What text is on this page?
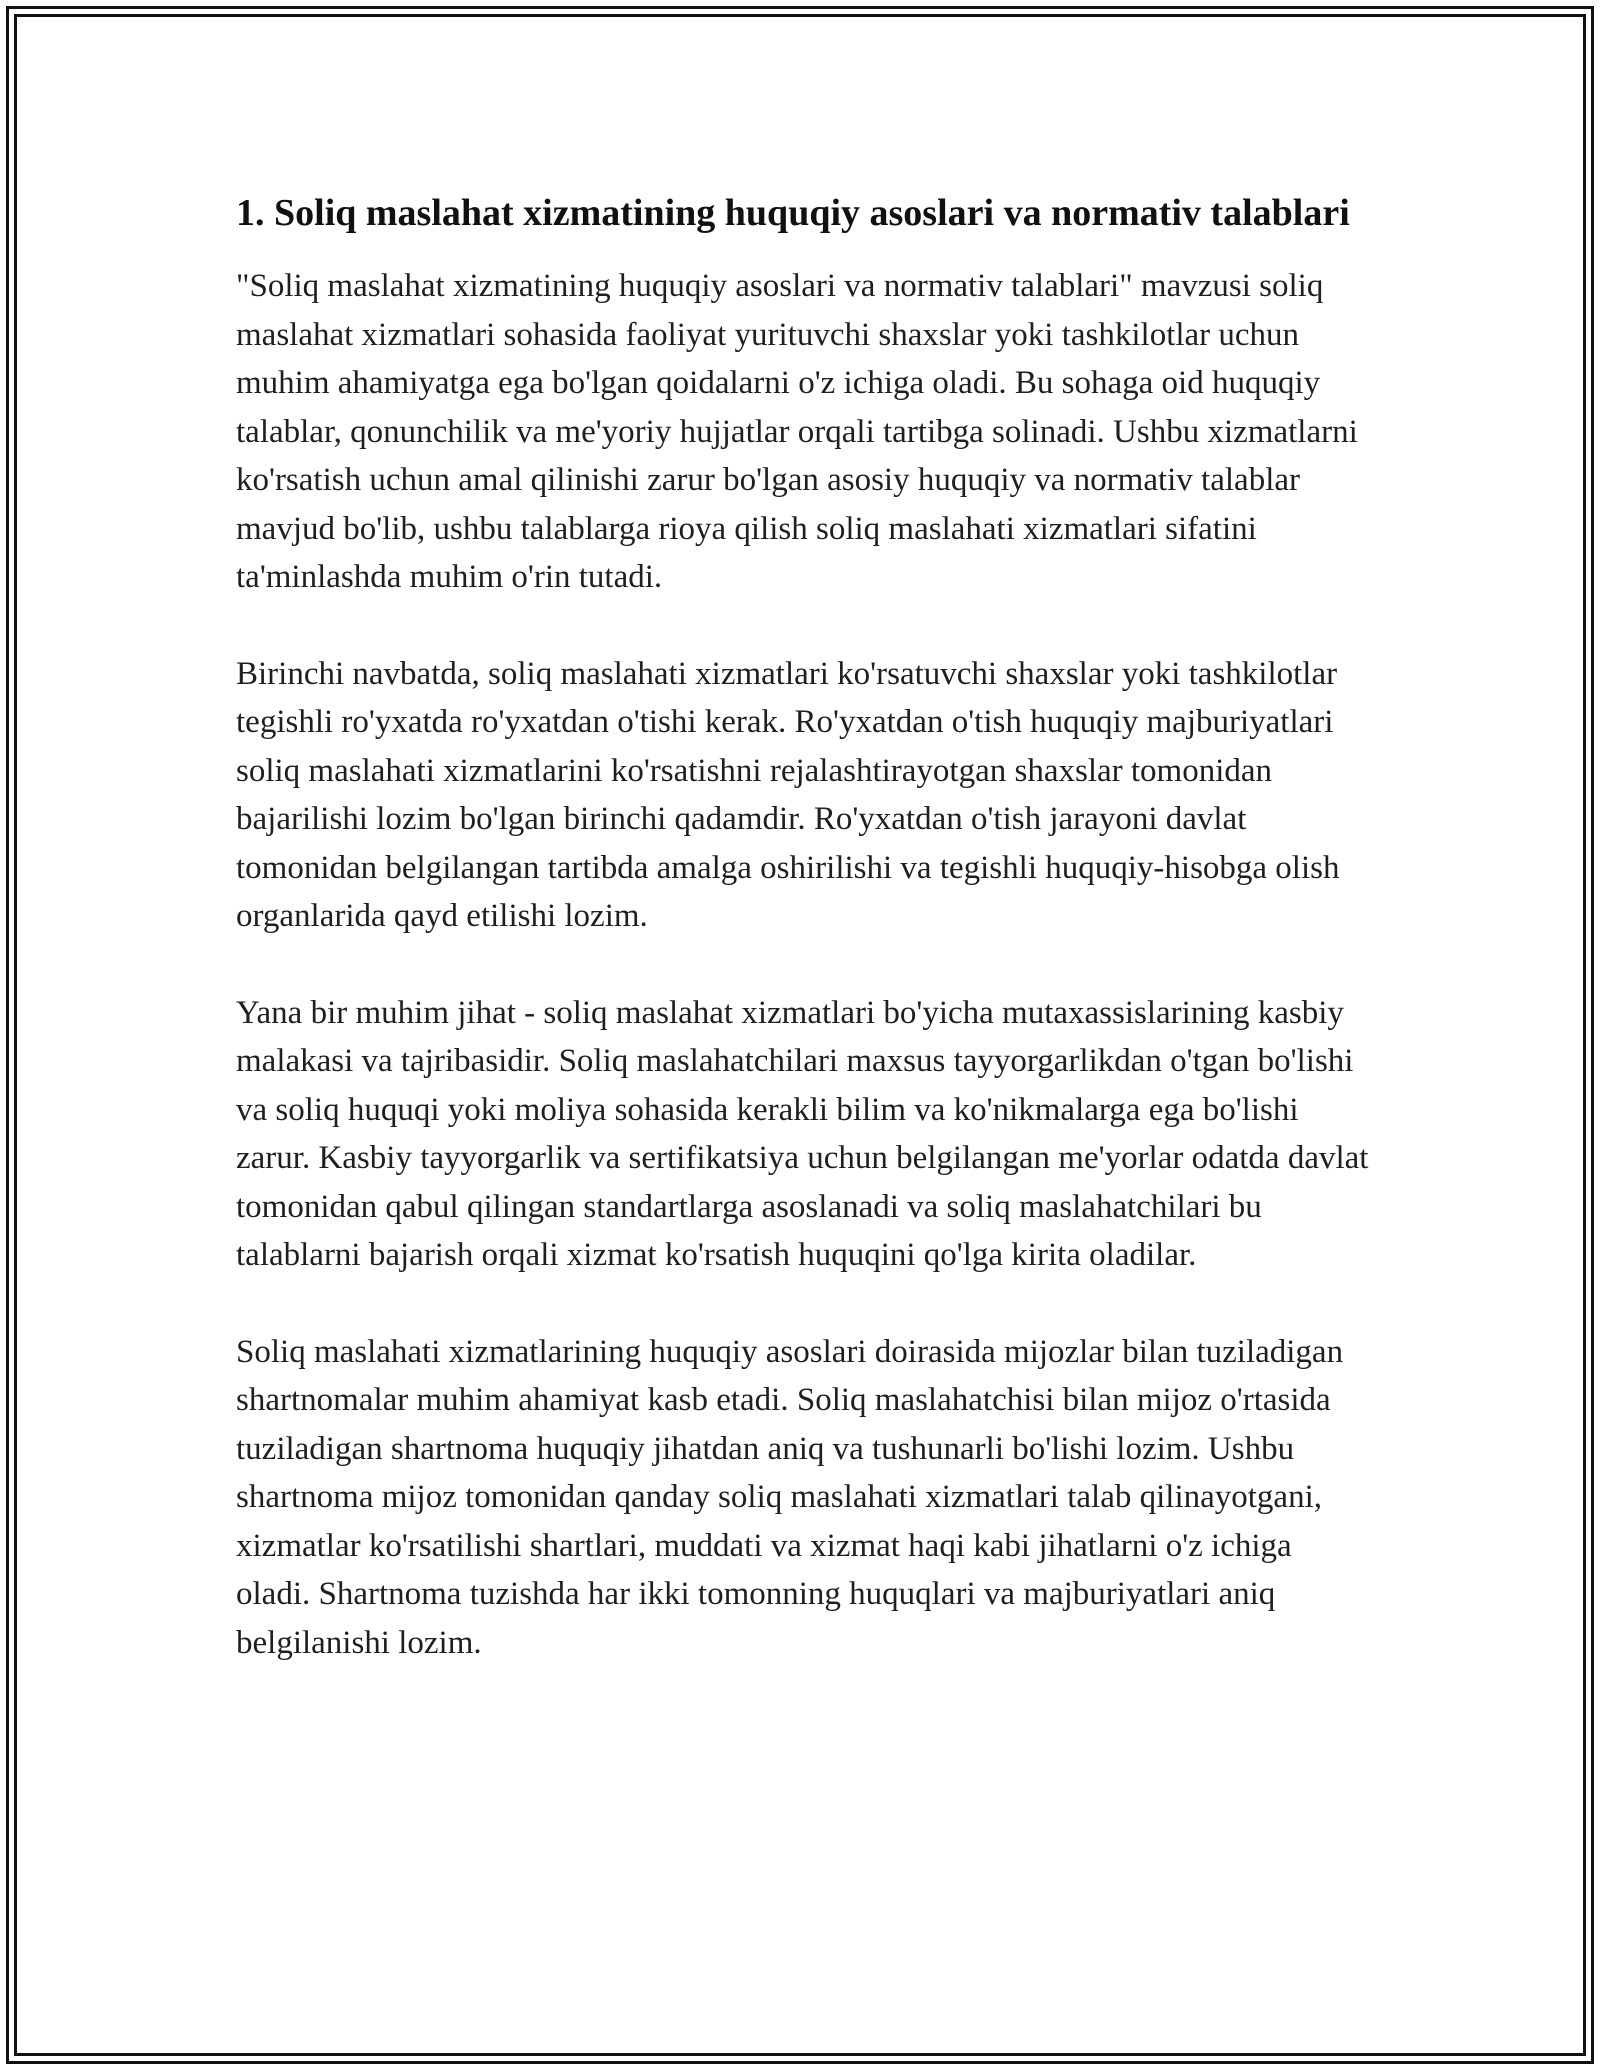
1. Soliq maslahat xizmatining huquqiy asoslari va normativ talablari

"Soliq maslahat xizmatining huquqiy asoslari va normativ talablari" mavzusi soliq maslahat xizmatlari sohasida faoliyat yurituvchi shaxslar yoki tashkilotlar uchun muhim ahamiyatga ega bo'lgan qoidalarni o'z ichiga oladi. Bu sohaga oid huquqiy talablar, qonunchilik va me'yoriy hujjatlar orqali tartibga solinadi. Ushbu xizmatlarni ko'rsatish uchun amal qilinishi zarur bo'lgan asosiy huquqiy va normativ talablar mavjud bo'lib, ushbu talablarga rioya qilish soliq maslahati xizmatlari sifatini ta'minlashda muhim o'rin tutadi.

Birinchi navbatda, soliq maslahati xizmatlari ko'rsatuvchi shaxslar yoki tashkilotlar tegishli ro'yxatda ro'yxatdan o'tishi kerak. Ro'yxatdan o'tish huquqiy majburiyatlari soliq maslahati xizmatlarini ko'rsatishni rejalashtirayotgan shaxslar tomonidan bajarilishi lozim bo'lgan birinchi qadamdir. Ro'yxatdan o'tish jarayoni davlat tomonidan belgilangan tartibda amalga oshirilishi va tegishli huquqiy-hisobga olish organlarida qayd etilishi lozim.

Yana bir muhim jihat - soliq maslahat xizmatlari bo'yicha mutaxassislarining kasbiy malakasi va tajribasidir. Soliq maslahatchilari maxsus tayyorgarlikdan o'tgan bo'lishi va soliq huquqi yoki moliya sohasida kerakli bilim va ko'nikmalarga ega bo'lishi zarur. Kasbiy tayyorgarlik va sertifikatsiya uchun belgilangan me'yorlar odatda davlat tomonidan qabul qilingan standartlarga asoslanadi va soliq maslahatchilari bu talablarni bajarish orqali xizmat ko'rsatish huquqini qo'lga kirita oladilar.

Soliq maslahati xizmatlarining huquqiy asoslari doirasida mijozlar bilan tuziladigan shartnomalar muhim ahamiyat kasb etadi. Soliq maslahatchisi bilan mijoz o'rtasida tuziladigan shartnoma huquqiy jihatdan aniq va tushunarli bo'lishi lozim. Ushbu shartnoma mijoz tomonidan qanday soliq maslahati xizmatlari talab qilinayotgani, xizmatlar ko'rsatilishi shartlari, muddati va xizmat haqi kabi jihatlarni o'z ichiga oladi. Shartnoma tuzishda har ikki tomonning huquqlari va majburiyatlari aniq belgilanishi lozim.
